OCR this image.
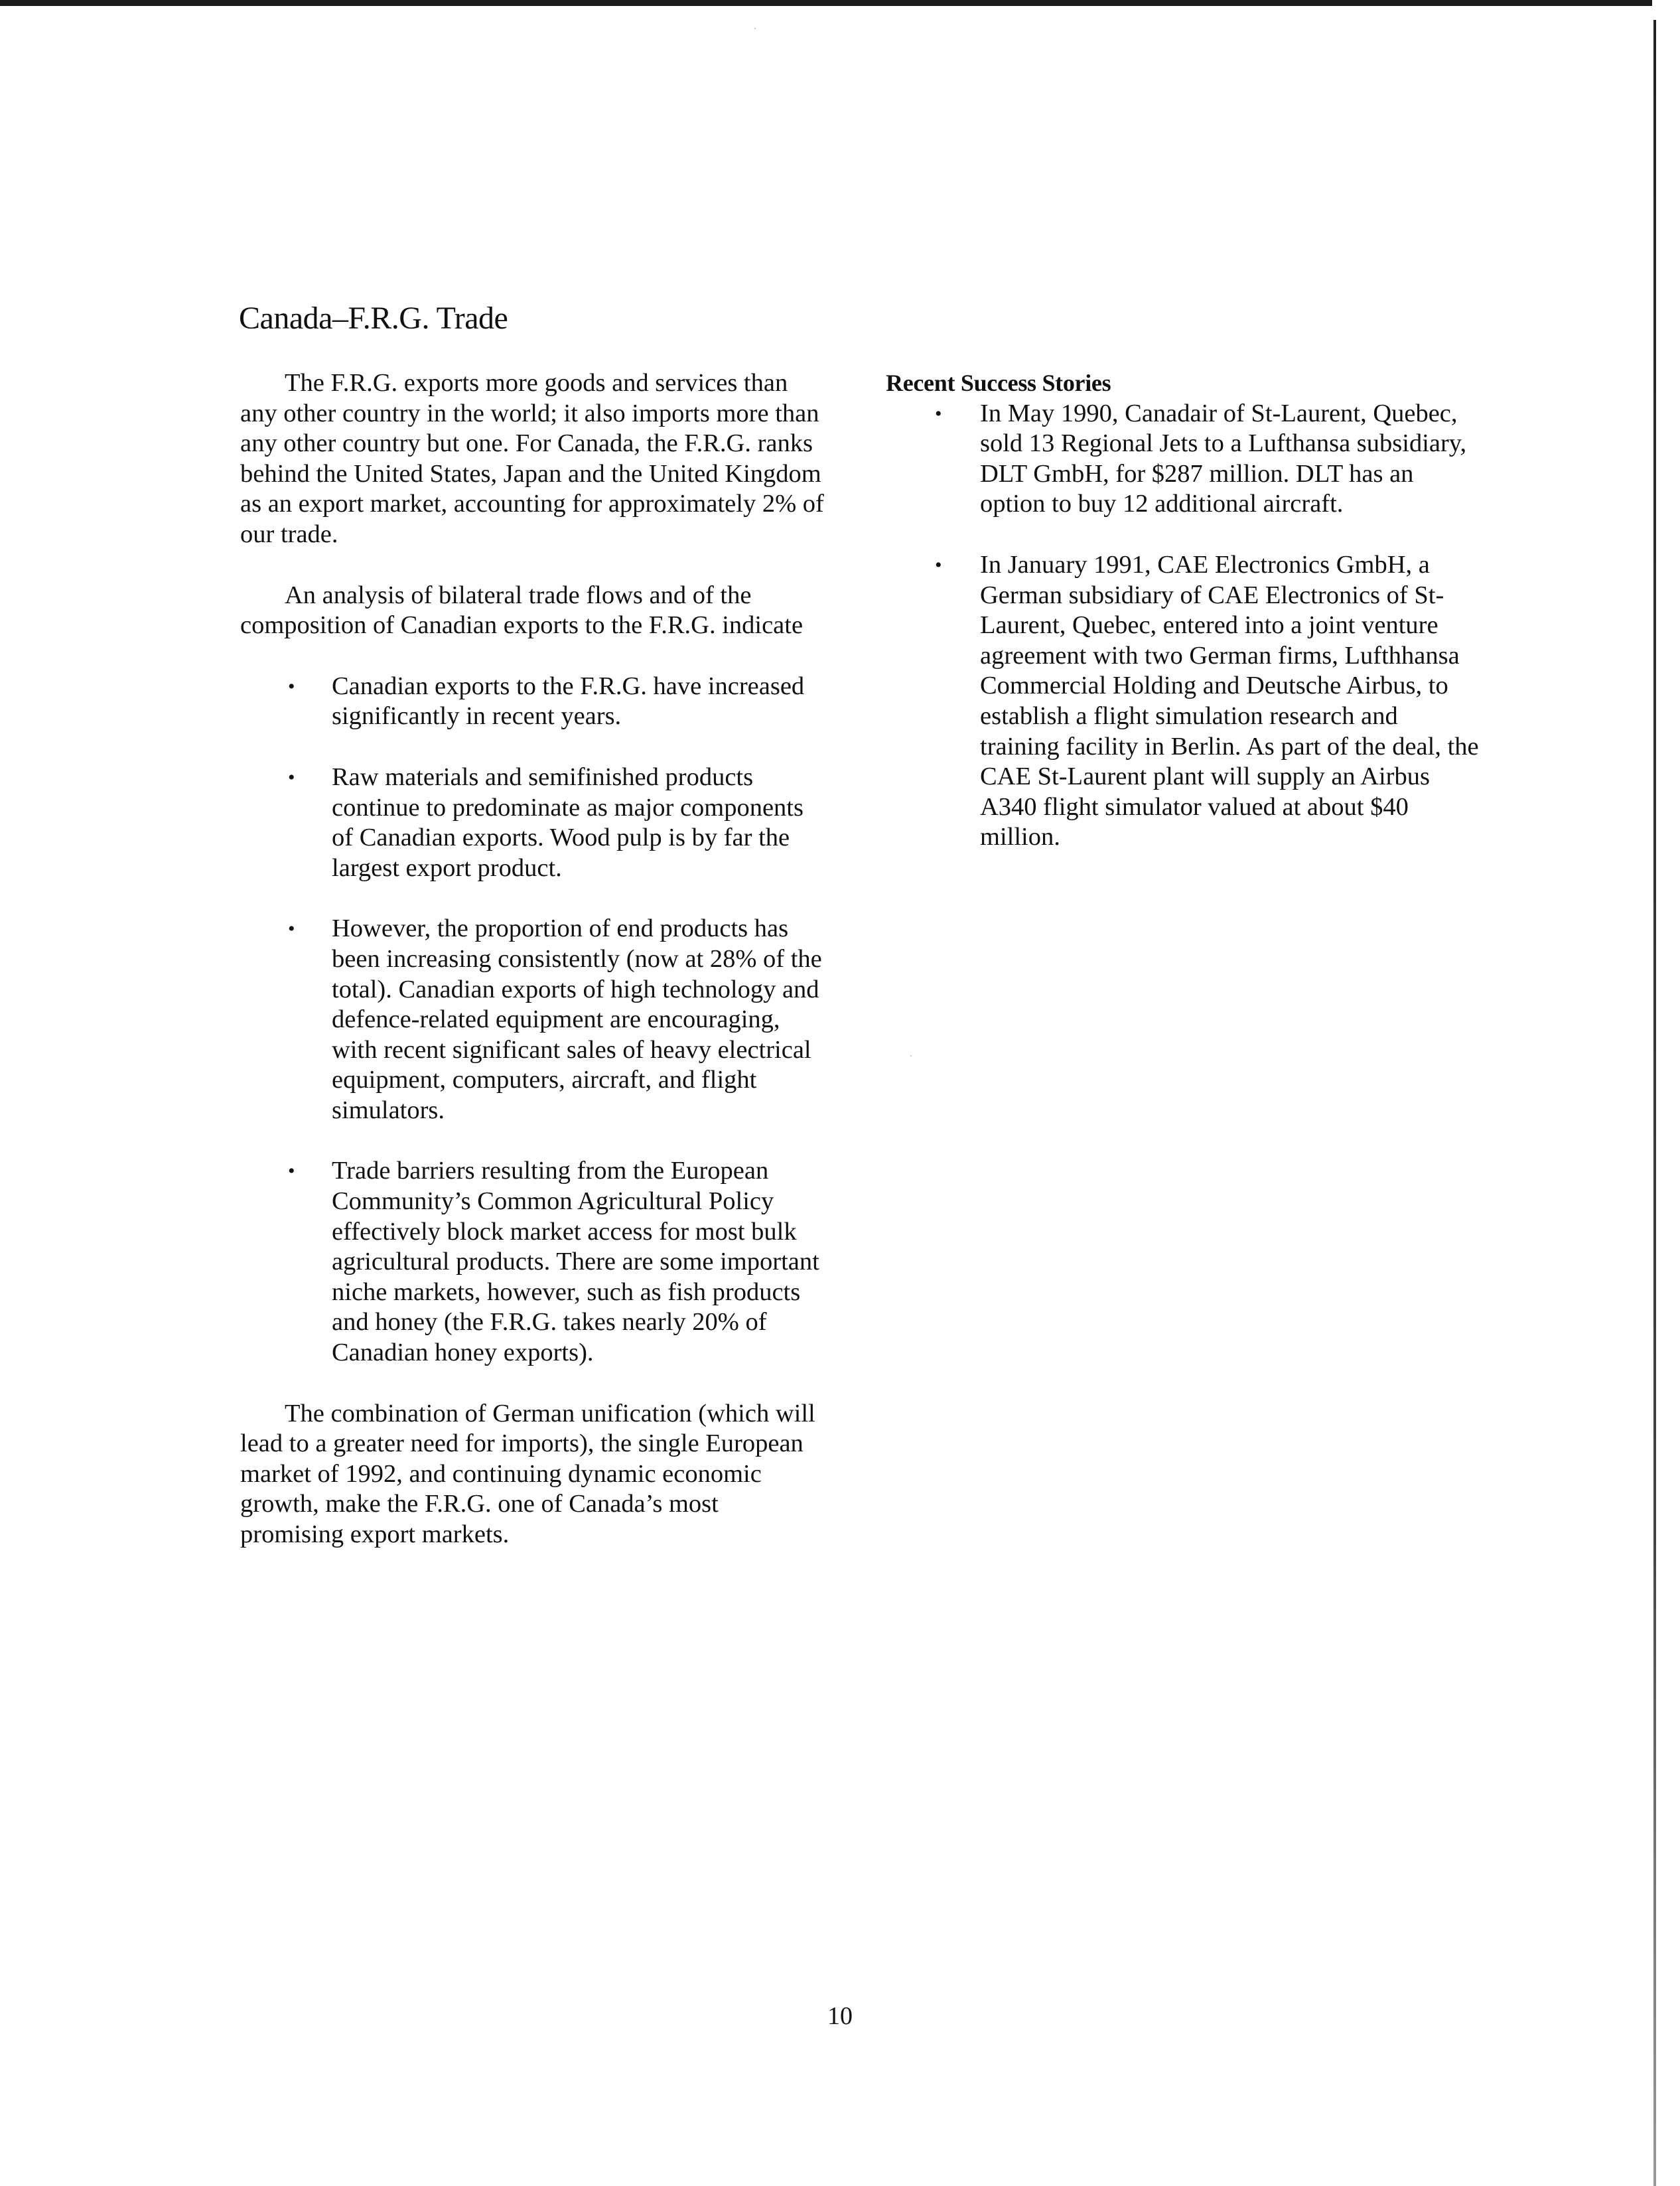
Canada–F.R.G. Trade

The F.R.G. exports more goods and services than any other country in the world; it also imports more than any other country but one. For Canada, the F.R.G. ranks behind the United States, Japan and the United Kingdom as an export market, accounting for approximately 2% of our trade.

An analysis of bilateral trade flows and of the composition of Canadian exports to the F.R.G. indicate

• Canadian exports to the F.R.G. have increased significantly in recent years.
• Raw materials and semifinished products continue to predominate as major components of Canadian exports. Wood pulp is by far the largest export product.
• However, the proportion of end products has been increasing consistently (now at 28% of the total). Canadian exports of high technology and defence-related equipment are encouraging, with recent significant sales of heavy electrical equipment, computers, aircraft, and flight simulators.
• Trade barriers resulting from the European Community’s Common Agricultural Policy effectively block market access for most bulk agricultural products. There are some important niche markets, however, such as fish products and honey (the F.R.G. takes nearly 20% of Canadian honey exports).

The combination of German unification (which will lead to a greater need for imports), the single European market of 1992, and continuing dynamic economic growth, make the F.R.G. one of Canada’s most promising export markets.

Recent Success Stories

• In May 1990, Canadair of St-Laurent, Quebec, sold 13 Regional Jets to a Lufthansa subsidiary, DLT GmbH, for $287 million. DLT has an option to buy 12 additional aircraft.
• In January 1991, CAE Electronics GmbH, a German subsidiary of CAE Electronics of St-Laurent, Quebec, entered into a joint venture agreement with two German firms, Lufthhansa Commercial Holding and Deutsche Airbus, to establish a flight simulation research and training facility in Berlin. As part of the deal, the CAE St-Laurent plant will supply an Airbus A340 flight simulator valued at about $40 million.
10
